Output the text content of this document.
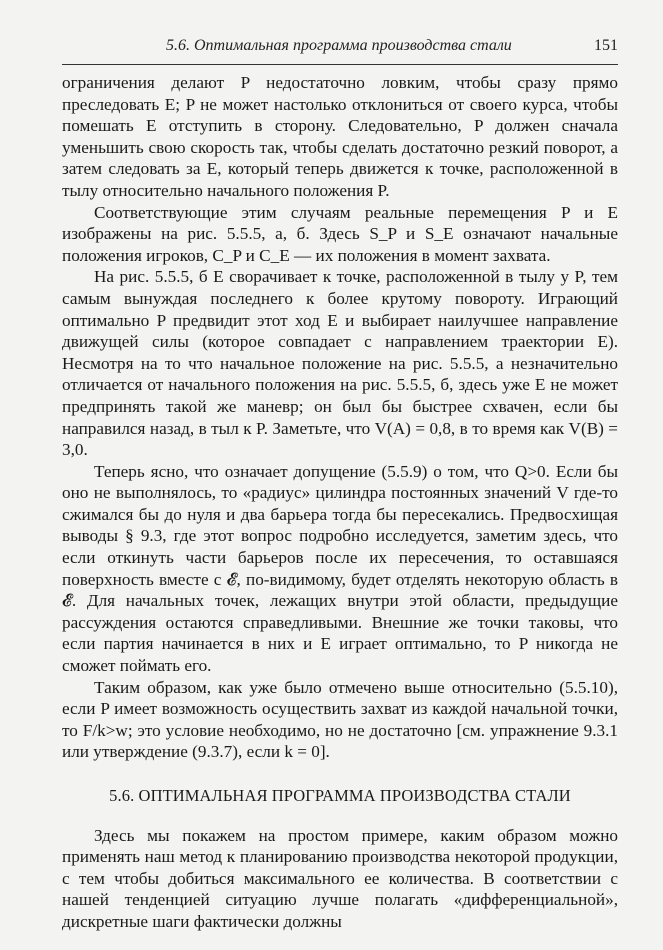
5.6. Оптимальная программа производства стали	151

ограничения делают P недостаточно ловким, чтобы сразу прямо преследовать E; P не может настолько отклониться от своего курса, чтобы помешать E отступить в сторону. Следовательно, P должен сначала уменьшить свою скорость так, чтобы сделать достаточно резкий поворот, а затем следовать за E, который теперь движется к точке, расположенной в тылу относительно начального положения P.

Соответствующие этим случаям реальные перемещения P и E изображены на рис. 5.5.5, а, б. Здесь S_P и S_E означают начальные положения игроков, C_P и C_E — их положения в момент захвата.

На рис. 5.5.5, б E сворачивает к точке, расположенной в тылу у P, тем самым вынуждая последнего к более крутому повороту. Играющий оптимально P предвидит этот ход E и выбирает наилучшее направление движущей силы (которое совпадает с направлением траектории E). Несмотря на то что начальное положение на рис. 5.5.5, а незначительно отличается от начального положения на рис. 5.5.5, б, здесь уже E не может предпринять такой же маневр; он был бы быстрее схвачен, если бы направился назад, в тыл к P. Заметьте, что V(A) = 0,8, в то время как V(B) = 3,0.

Теперь ясно, что означает допущение (5.5.9) о том, что Q>0. Если бы оно не выполнялось, то «радиус» цилиндра постоянных значений V где-то сжимался бы до нуля и два барьера тогда бы пересекались. Предвосхищая выводы § 9.3, где этот вопрос подробно исследуется, заметим здесь, что если откинуть части барьеров после их пересечения, то оставшаяся поверхность вместе с 𝓔, по-видимому, будет отделять некоторую область в 𝓔. Для начальных точек, лежащих внутри этой области, предыдущие рассуждения остаются справедливыми. Внешние же точки таковы, что если партия начинается в них и E играет оптимально, то P никогда не сможет поймать его.

Таким образом, как уже было отмечено выше относительно (5.5.10), если P имеет возможность осуществить захват из каждой начальной точки, то F/k>w; это условие необходимо, но не достаточно [см. упражнение 9.3.1 или утверждение (9.3.7), если k = 0].

5.6. ОПТИМАЛЬНАЯ ПРОГРАММА ПРОИЗВОДСТВА СТАЛИ

Здесь мы покажем на простом примере, каким образом можно применять наш метод к планированию производства некоторой продукции, с тем чтобы добиться максимального ее количества. В соответствии с нашей тенденцией ситуацию лучше полагать «дифференциальной», дискретные шаги фактически должны
